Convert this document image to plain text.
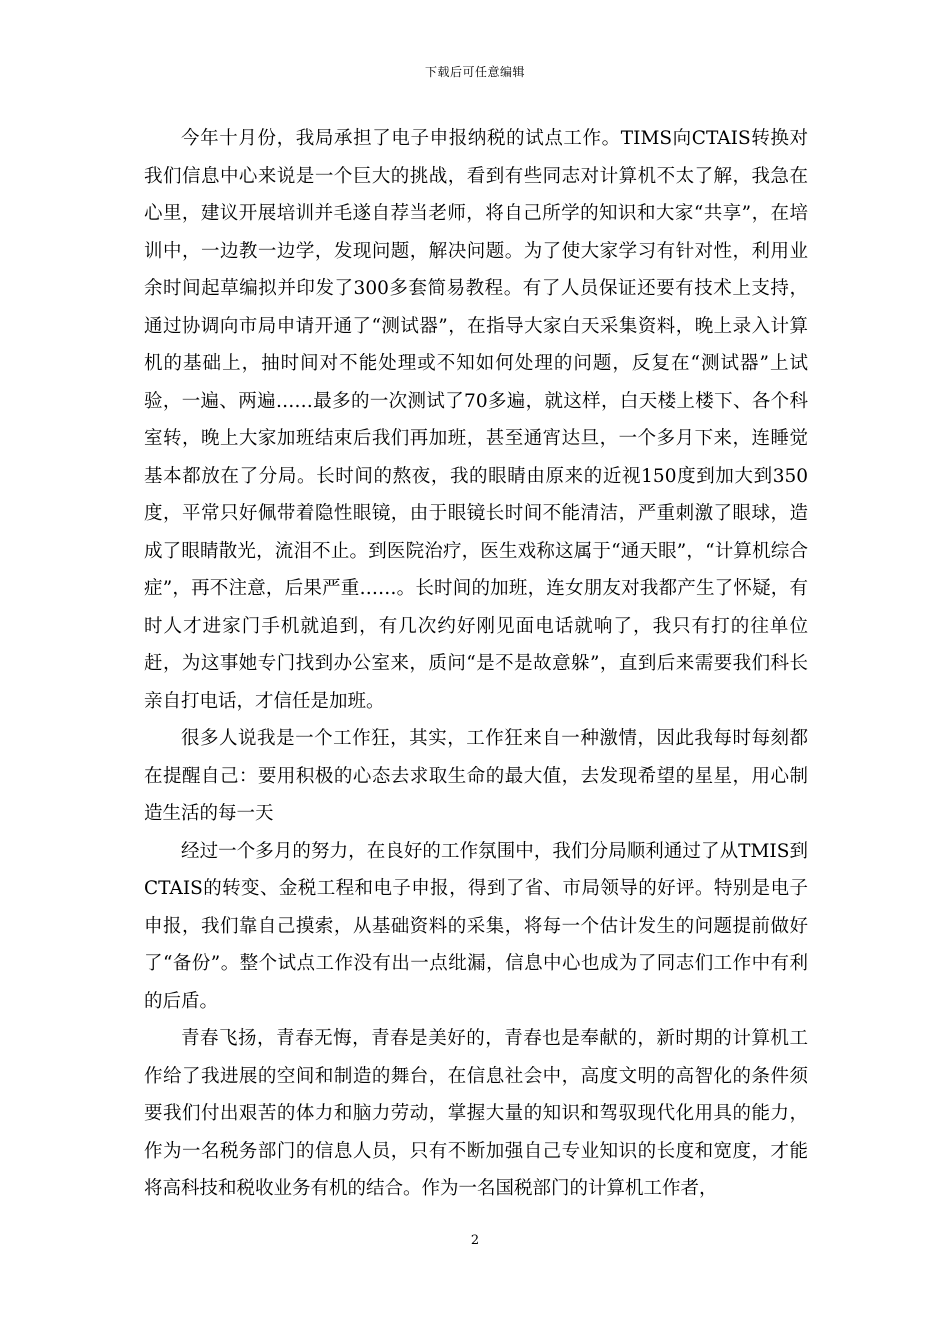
下载后可任意编辑

今年十月份，我局承担了电子申报纳税的试点工作。TIMS向CTAIS转换对我们信息中心来说是一个巨大的挑战，看到有些同志对计算机不太了解，我急在心里，建议开展培训并毛遂自荐当老师，将自己所学的知识和大家“共享”，在培训中，一边教一边学，发现问题，解决问题。为了使大家学习有针对性，利用业余时间起草编拟并印发了300多套简易教程。有了人员保证还要有技术上支持，通过协调向市局申请开通了“测试器”，在指导大家白天采集资料，晚上录入计算机的基础上，抽时间对不能处理或不知如何处理的问题，反复在“测试器”上试验，一遍、两遍……最多的一次测试了70多遍，就这样，白天楼上楼下、各个科室转，晚上大家加班结束后我们再加班，甚至通宵达旦，一个多月下来，连睡觉基本都放在了分局。长时间的熬夜，我的眼睛由原来的近视150度到加大到350度，平常只好佩带着隐性眼镜，由于眼镜长时间不能清洁，严重刺激了眼球，造成了眼睛散光，流泪不止。到医院治疗，医生戏称这属于“通天眼”，“计算机综合症”，再不注意，后果严重……。长时间的加班，连女朋友对我都产生了怀疑，有时人才进家门手机就追到，有几次约好刚见面电话就响了，我只有打的往单位赶，为这事她专门找到办公室来，质问“是不是故意躲”，直到后来需要我们科长亲自打电话，才信任是加班。

很多人说我是一个工作狂，其实，工作狂来自一种激情，因此我每时每刻都在提醒自己：要用积极的心态去求取生命的最大值，去发现希望的星星，用心制造生活的每一天

经过一个多月的努力，在良好的工作氛围中，我们分局顺利通过了从TMIS到CTAIS的转变、金税工程和电子申报，得到了省、市局领导的好评。特别是电子申报，我们靠自己摸索，从基础资料的采集，将每一个估计发生的问题提前做好了“备份”。整个试点工作没有出一点纰漏，信息中心也成为了同志们工作中有利的后盾。

青春飞扬，青春无悔，青春是美好的，青春也是奉献的，新时期的计算机工作给了我进展的空间和制造的舞台，在信息社会中，高度文明的高智化的条件须要我们付出艰苦的体力和脑力劳动，掌握大量的知识和驾驭现代化用具的能力，作为一名税务部门的信息人员，只有不断加强自己专业知识的长度和宽度，才能将高科技和税收业务有机的结合。作为一名国税部门的计算机工作者，

2
